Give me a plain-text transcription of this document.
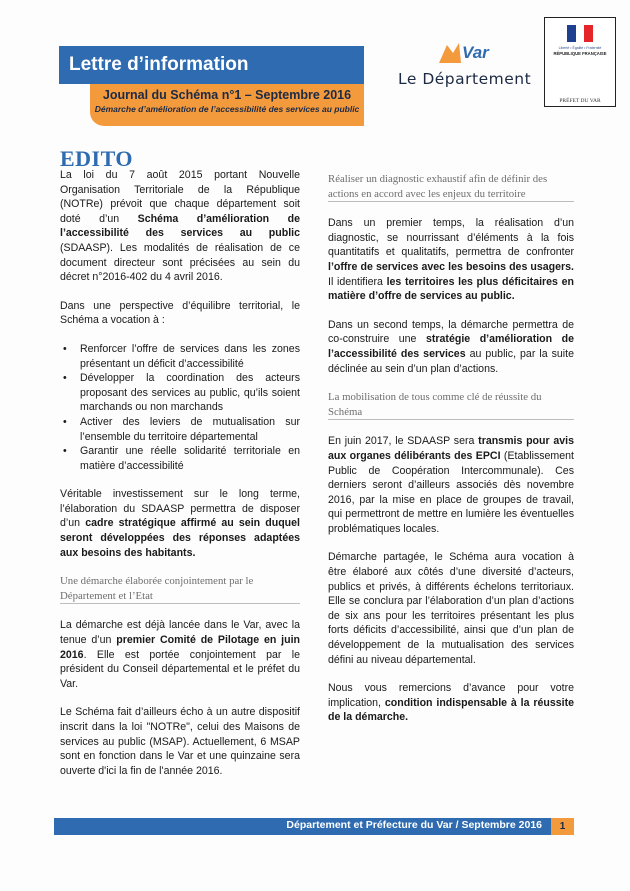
Lettre d’information
Journal du Schéma n°1 – Septembre 2016
Démarche d’amélioration de l’accessibilité des services au public
Var
Le Département
Liberté • Égalité • Fraternité
RÉPUBLIQUE FRANÇAISE
PRÉFET DU VAR
EDITO

La loi du 7 août 2015 portant Nouvelle Organisation Territoriale de la République (NOTRe) prévoit que chaque département soit doté d’un Schéma d’amélioration de l’accessibilité des services au public (SDAASP). Les modalités de réalisation de ce document directeur sont précisées au sein du décret n°2016-402 du 4 avril 2016.

Dans une perspective d’équilibre territorial, le Schéma a vocation à :

• Renforcer l’offre de services dans les zones présentant un déficit d’accessibilité
• Développer la coordination des acteurs proposant des services au public, qu’ils soient marchands ou non marchands
• Activer des leviers de mutualisation sur l’ensemble du territoire départemental
• Garantir une réelle solidarité territoriale en matière d’accessibilité

Véritable investissement sur le long terme, l’élaboration du SDAASP permettra de disposer d’un cadre stratégique affirmé au sein duquel seront développées des réponses adaptées aux besoins des habitants.

Une démarche élaborée conjointement par le Département et l’Etat

La démarche est déjà lancée dans le Var, avec la tenue d’un premier Comité de Pilotage en juin 2016. Elle est portée conjointement par le président du Conseil départemental et le préfet du Var.

Le Schéma fait d’ailleurs écho à un autre dispositif inscrit dans la loi "NOTRe", celui des Maisons de services au public (MSAP). Actuellement, 6 MSAP sont en fonction dans le Var et une quinzaine sera ouverte d'ici la fin de l'année 2016.

Réaliser un diagnostic exhaustif afin de définir des actions en accord avec les enjeux du territoire

Dans un premier temps, la réalisation d’un diagnostic, se nourrissant d’éléments à la fois quantitatifs et qualitatifs, permettra de confronter l’offre de services avec les besoins des usagers. Il identifiera les territoires les plus déficitaires en matière d’offre de services au public.

Dans un second temps, la démarche permettra de co-construire une stratégie d’amélioration de l’accessibilité des services au public, par la suite déclinée au sein d’un plan d’actions.

La mobilisation de tous comme clé de réussite du Schéma

En juin 2017, le SDAASP sera transmis pour avis aux organes délibérants des EPCI (Etablissement Public de Coopération Intercommunale). Ces derniers seront d’ailleurs associés dès novembre 2016, par la mise en place de groupes de travail, qui permettront de mettre en lumière les éventuelles problématiques locales.

Démarche partagée, le Schéma aura vocation à être élaboré aux côtés d’une diversité d’acteurs, publics et privés, à différents échelons territoriaux. Elle se conclura par l’élaboration d’un plan d’actions de six ans pour les territoires présentant les plus forts déficits d’accessibilité, ainsi que d’un plan de développement de la mutualisation des services défini au niveau départemental.

Nous vous remercions d’avance pour votre implication, condition indispensable à la réussite de la démarche.

Département et Préfecture du Var / Septembre 2016	1
